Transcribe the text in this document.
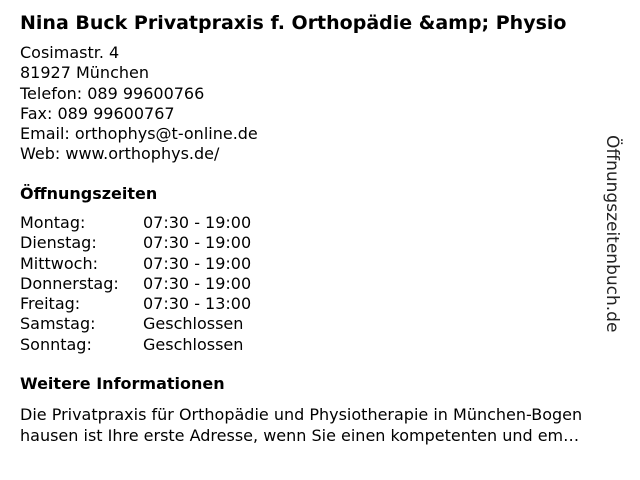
Nina Buck Privatpraxis f. Orthopädie &amp; Physio
Cosimastr. 4
81927 München
Telefon: 089 99600766
Fax: 089 99600767
Email: orthophys@t-online.de
Web: www.orthophys.de/
Öffnungszeiten
Montag:	07:30 - 19:00
Dienstag:	07:30 - 19:00
Mittwoch:	07:30 - 19:00
Donnerstag: 07:30 - 19:00
Freitag:	07:30 - 13:00
Samstag:	Geschlossen
Sonntag:	Geschlossen
Weitere Informationen
Die Privatpraxis für Orthopädie und Physiotherapie in München-Bogen
hausen ist Ihre erste Adresse, wenn Sie einen kompetenten und em…
Öffnungszeitenbuch.de
